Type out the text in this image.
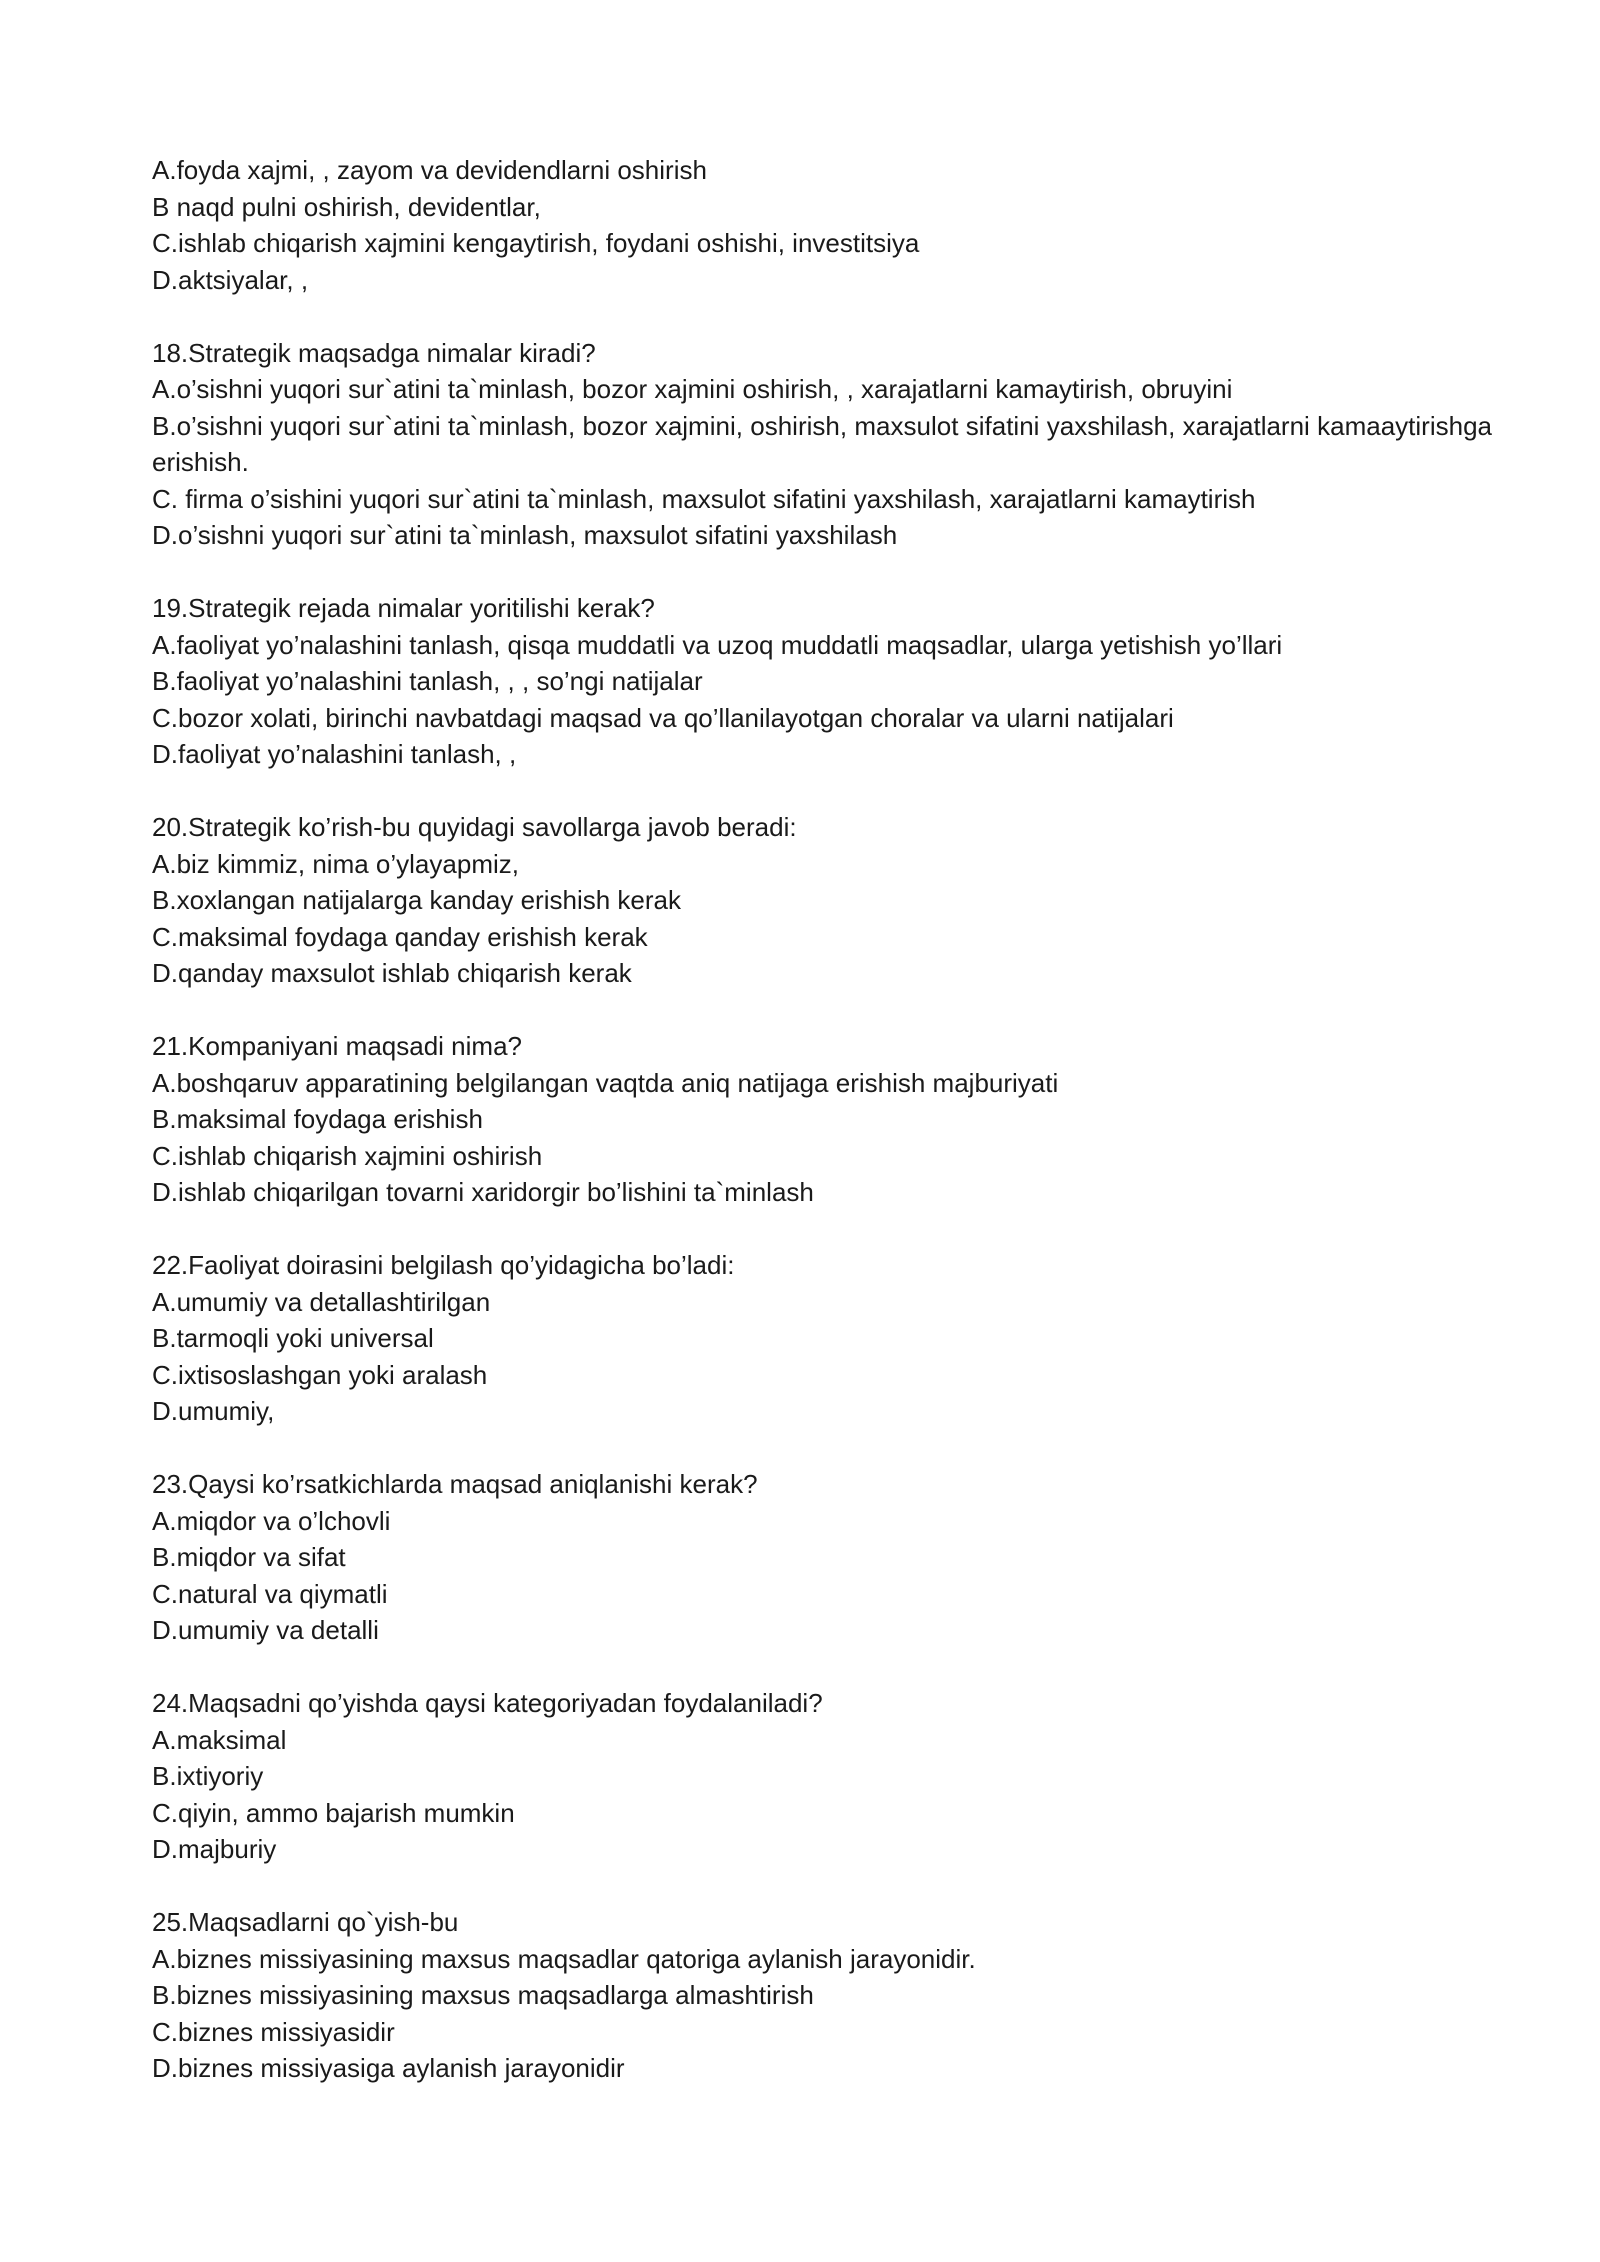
A.foyda xajmi, , zayom va devidendlarni oshirish
B naqd pulni oshirish, devidentlar,
C.ishlab chiqarish xajmini kengaytirish, foydani oshishi, investitsiya
D.aktsiyalar, ,
18.Strategik maqsadga nimalar kiradi?
A.o’sishni yuqori sur`atini ta`minlash, bozor xajmini oshirish, , xarajatlarni kamaytirish, obruyini
B.o’sishni yuqori sur`atini ta`minlash, bozor xajmini, oshirish, maxsulot sifatini yaxshilash, xarajatlarni kamaaytirishga erishish.
C. firma o’sishini yuqori sur`atini ta`minlash, maxsulot sifatini yaxshilash, xarajatlarni kamaytirish
D.o’sishni yuqori sur`atini ta`minlash, maxsulot sifatini yaxshilash
19.Strategik rejada nimalar yoritilishi kerak?
A.faoliyat yo’nalashini tanlash, qisqa muddatli va uzoq muddatli maqsadlar, ularga yetishish yo’llari
B.faoliyat yo’nalashini tanlash, , , so’ngi natijalar
C.bozor xolati, birinchi navbatdagi maqsad va qo’llanilayotgan choralar va ularni natijalari
D.faoliyat yo’nalashini tanlash, ,
20.Strategik ko’rish-bu quyidagi savollarga javob beradi:
A.biz kimmiz, nima o’ylayapmiz,
B.xoxlangan natijalarga kanday erishish kerak
C.maksimal foydaga qanday erishish kerak
D.qanday maxsulot ishlab chiqarish kerak
21.Kompaniyani maqsadi nima?
A.boshqaruv apparatining belgilangan vaqtda aniq natijaga erishish majburiyati
B.maksimal foydaga erishish
C.ishlab chiqarish xajmini oshirish
D.ishlab chiqarilgan tovarni xaridorgir bo’lishini ta`minlash
22.Faoliyat doirasini belgilash qo’yidagicha bo’ladi:
A.umumiy va detallashtirilgan
B.tarmoqli yoki universal
C.ixtisoslashgan yoki aralash
D.umumiy,
23.Qaysi ko’rsatkichlarda maqsad aniqlanishi kerak?
A.miqdor va o’lchovli
B.miqdor va sifat
C.natural va qiymatli
D.umumiy va detalli
24.Maqsadni qo’yishda qaysi kategoriyadan foydalaniladi?
A.maksimal
B.ixtiyoriy
C.qiyin, ammo bajarish mumkin
D.majburiy
25.Maqsadlarni qo`yish-bu
A.biznes missiyasining maxsus maqsadlar qatoriga aylanish jarayonidir.
B.biznes missiyasining maxsus maqsadlarga almashtirish
C.biznes missiyasidir
D.biznes missiyasiga aylanish jarayonidir
